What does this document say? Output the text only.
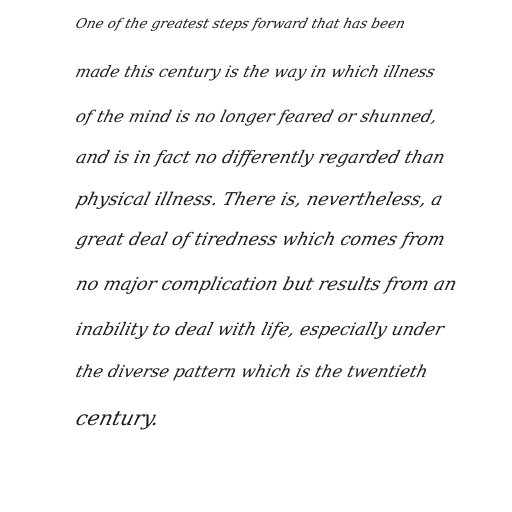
One of the greatest steps forward that has been
made this century is the way in which illness
of the mind is no longer feared or shunned,
and is in fact no differently regarded than
physical illness. There is, nevertheless, a
great deal of tiredness which comes from
no major complication but results from an
inability to deal with life, especially under
the diverse pattern which is the twentieth
century.
